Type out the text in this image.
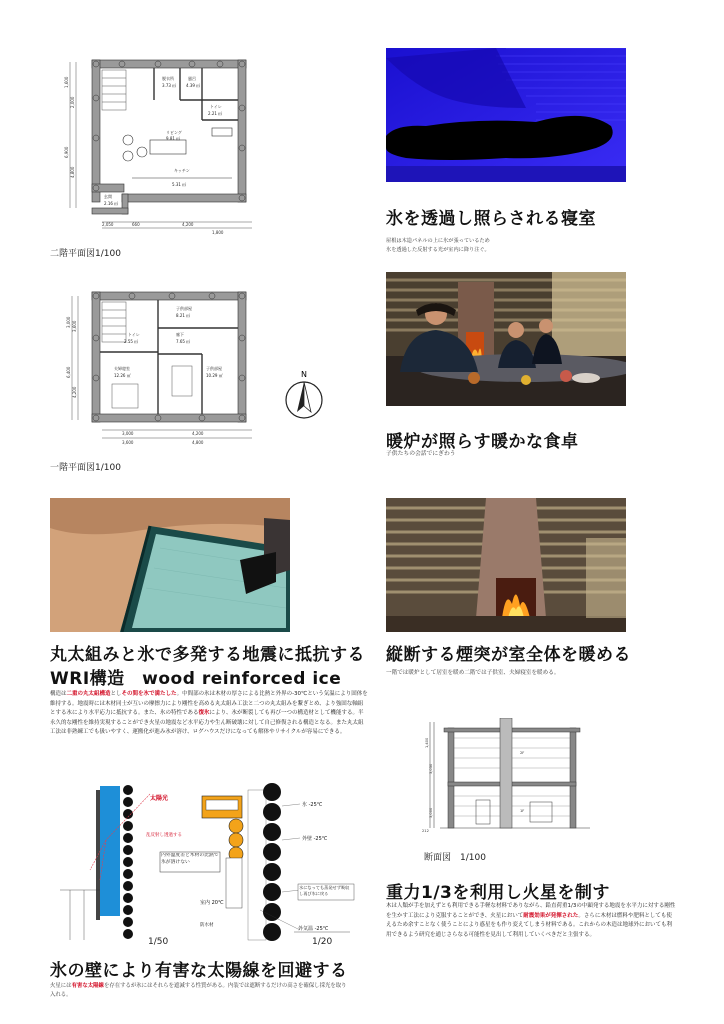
脱衣所
3.73 ㎡
風呂
4.39 ㎡
トイレ
2.21 ㎡
リビング
9.81 ㎡
キッチン
5.31 ㎡
玄関
2.16 ㎡
2,050	660	4,200
1,800
1,600
2,000
4,800
6,900
二階平面図1/100
子供部屋
8.21 ㎡
トイレ
2.55 ㎡
廊下
7.65 ㎡
夫婦寝室
12.26 ㎡
子供部屋
10.29 ㎡
3,000	4,200
3,600	4,800
3,000 3,600
6,400
4,200
一階平面図1/100
N
氷を透過し照らされる寝室
屋根は木造パネルの上に氷が張っているため
氷を透過した反射する光が室内に降り注ぐ。
暖炉が照らす暖かな食卓
子供たちの会話でにぎわう
丸太組みと氷で多発する地震に抵抗する
WRI構造　wood reinforced ice
構造は二重の丸太組構造としその間を氷で満たした。中間部の氷は木材の厚さによる比熱と外界の-30℃という気温により固体を維持する。地震時には木材同士が互いの摩擦力により剛性を高める丸太組み工法と二つの丸太組みを繋ぎとめ、より強固な軸組とする氷により水平応力に抵抗する。また、氷の特性である復氷により、氷が断裂しても再び一つの構造材として機能する。半永久的な剛性を維持実現することができ火星の地震など水平応力や生ん断破壊に対して自己修復される構造となる。また丸太組工法は非熟練工でも扱いやすく、運搬化が進み氷が溶け、ログハウスだけになっても解体やリサイクルが容易にできる。
縦断する煙突が室全体を暖める
一階では暖炉として居室を暖め二階では子供室、夫婦寝室を暖める。
1,400
3,050
3,000
212
2F
1F
断面図　1/100
太陽光
乱反射し透過する
内外温度差と木材の比熱で氷が溶けない
氷 -25℃
外壁 -25℃
水になっても蒸発せず吸収し再び氷に戻る
室内 20℃
防水材
外気温 -25℃
1/50	1/20
氷の壁により有害な太陽線を回避する
火星には有害な太陽線を存在するが氷にはそれらを遮減する性質がある。内装では遮断するだけの高さを確保し採光を取り入れる。
重力1/3を利用し火星を制す
木は人類が手を加えずとも利用できる手軽な材料でありながら、鉛直荷重1/3の中顕発する地震を水平力に対する剛性を生かす工法により克服することができ、火星において耐震効果が発揮された。さらに木材は燃料や肥料としても使えるため余すことなく使うことにより惑星をも作り変えてしまう材料である。これからの木造は地球外においても利用できるよう研究を通じさらなる可能性を見出して利用していくべきだと主張する。
